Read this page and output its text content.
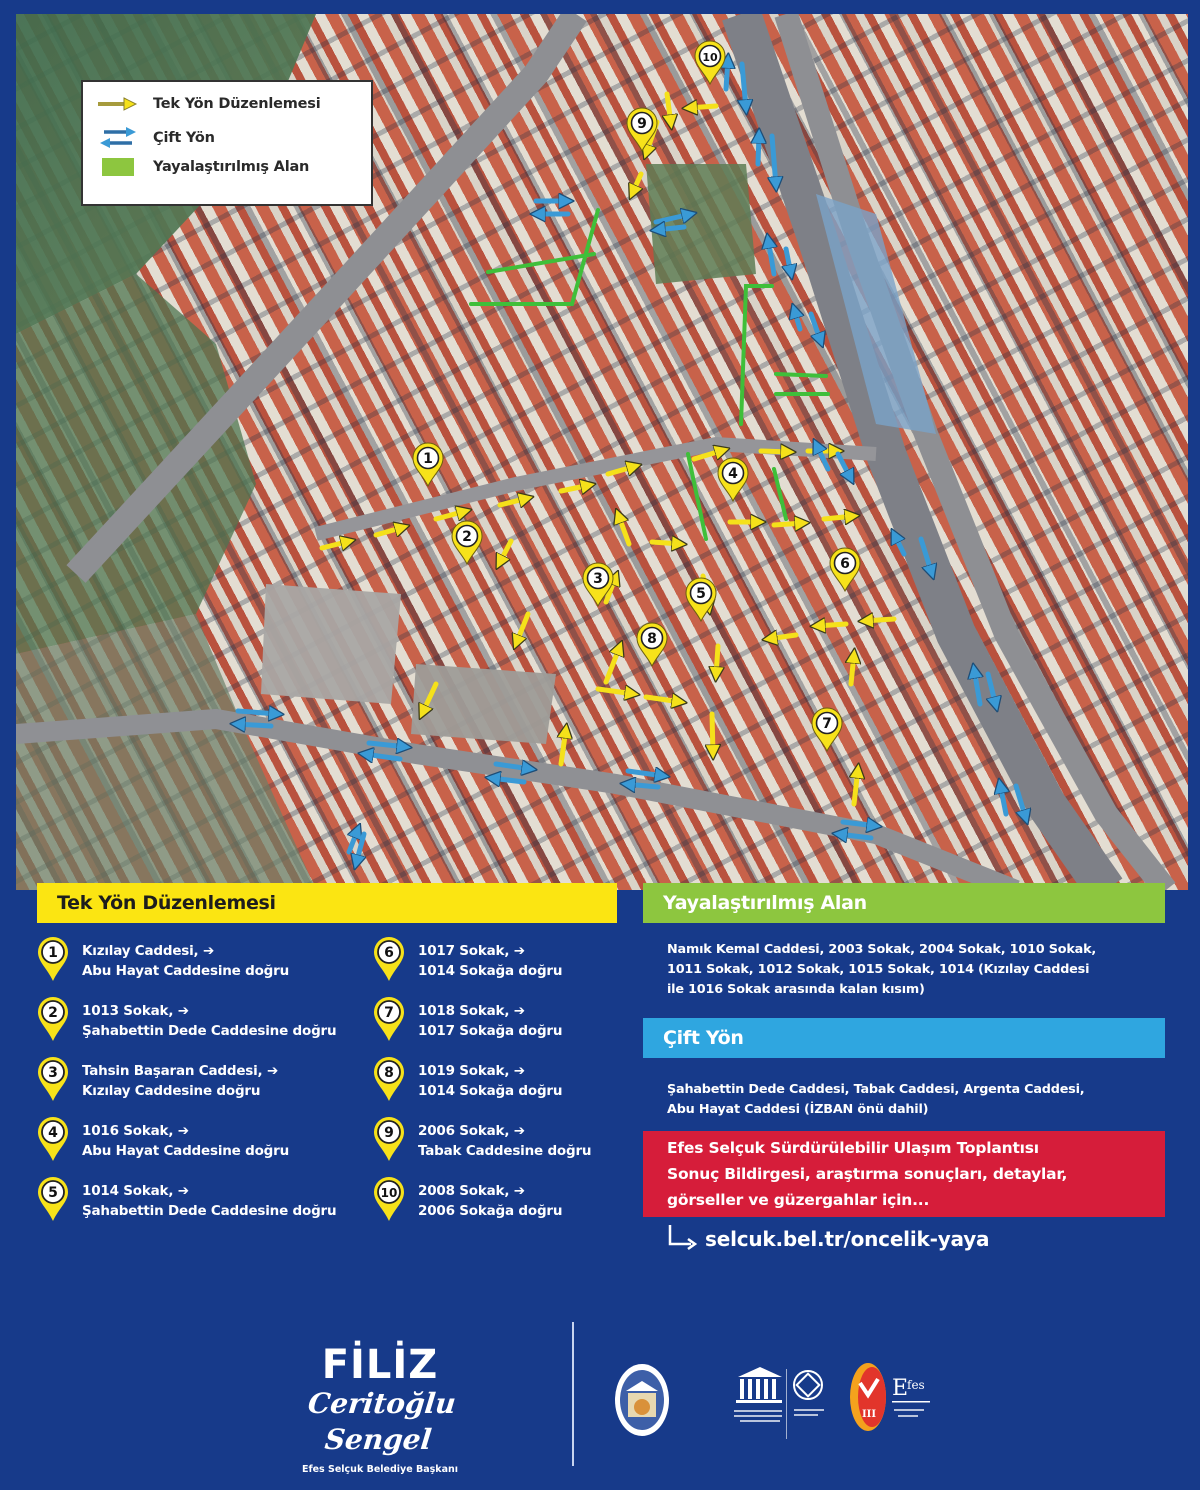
1
2
3
4
5
6
7
8
9
10
Tek Yön Düzenlemesi
Çift Yön
Yayalaştırılmış Alan
Tek Yön Düzenlemesi	Yayalaştırılmış Alan
1 Kızılay Caddesi, ➔
Abu Hayat Caddesine doğru
2 1013 Sokak, ➔
Şahabettin Dede Caddesine doğru
3 Tahsin Başaran Caddesi, ➔
Kızılay Caddesine doğru
4 1016 Sokak, ➔
Abu Hayat Caddesine doğru
5 1014 Sokak, ➔
Şahabettin Dede Caddesine doğru
6 1017 Sokak, ➔
1014 Sokağa doğru
7 1018 Sokak, ➔
1017 Sokağa doğru
8 1019 Sokak, ➔
1014 Sokağa doğru
9 2006 Sokak, ➔
Tabak Caddesine doğru
10 2008 Sokak, ➔
2006 Sokağa doğru
Namık Kemal Caddesi, 2003 Sokak, 2004 Sokak, 1010 Sokak,
1011 Sokak, 1012 Sokak, 1015 Sokak, 1014 (Kızılay Caddesi
ile 1016 Sokak arasında kalan kısım)
Çift Yön
Şahabettin Dede Caddesi, Tabak Caddesi, Argenta Caddesi,
Abu Hayat Caddesi (İZBAN önü dahil)
Efes Selçuk Sürdürülebilir Ulaşım Toplantısı
Sonuç Bildirgesi, araştırma sonuçları, detaylar,
görseller ve güzergahlar için...
selcuk.bel.tr/oncelik-yaya
FİLİZ
Ceritoğlu Sengel
Efes Selçuk Belediye Başkanı
III
E
fes
